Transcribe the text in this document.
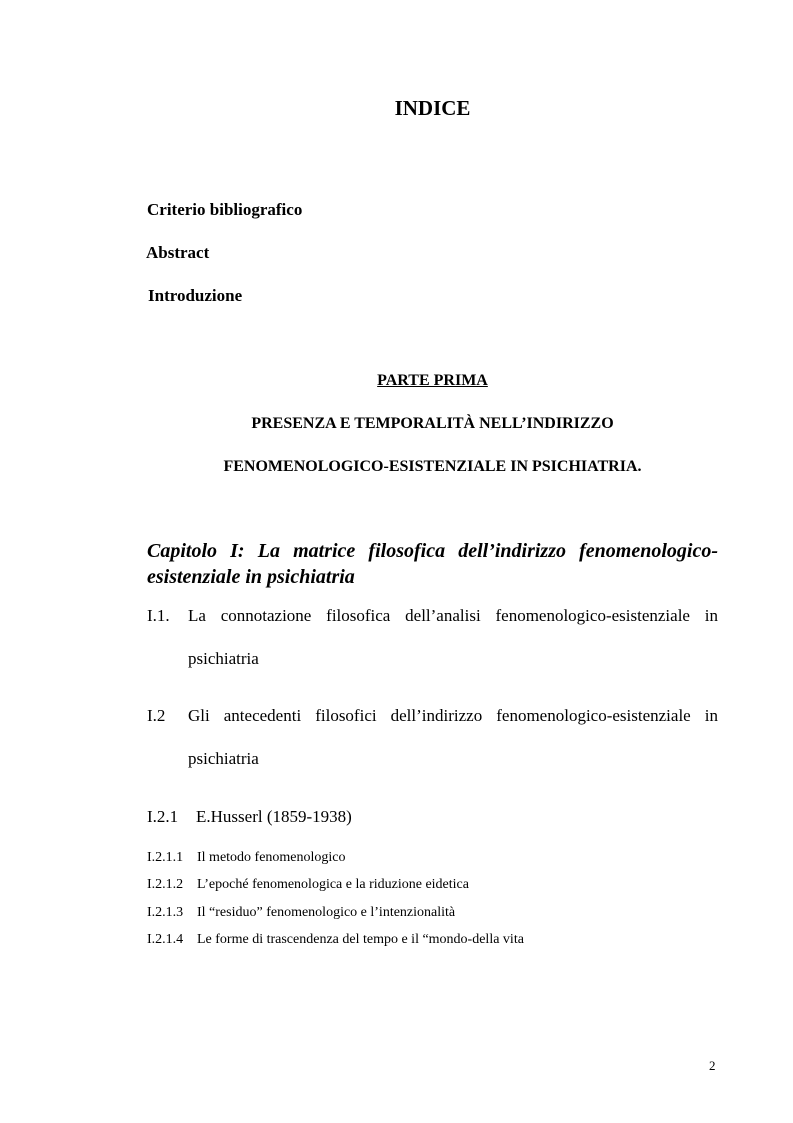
INDICE
Criterio bibliografico
Abstract
Introduzione
PARTE PRIMA
PRESENZA E TEMPORALITÀ NELL’INDIRIZZO
FENOMENOLOGICO-ESISTENZIALE IN PSICHIATRIA.
Capitolo I: La matrice filosofica dell’indirizzo fenomenologico-esistenziale in psichiatria
I.1. La connotazione filosofica dell’analisi fenomenologico-esistenziale in
psichiatria
I.2 Gli antecedenti filosofici dell’indirizzo fenomenologico-esistenziale in
psichiatria
I.2.1 E.Husserl (1859-1938)
I.2.1.1 Il metodo fenomenologico
I.2.1.2 L’epoché fenomenologica e la riduzione eidetica
I.2.1.3 Il “residuo” fenomenologico e l’intenzionalità
I.2.1.4 Le forme di trascendenza del tempo e il “mondo-della vita
2
